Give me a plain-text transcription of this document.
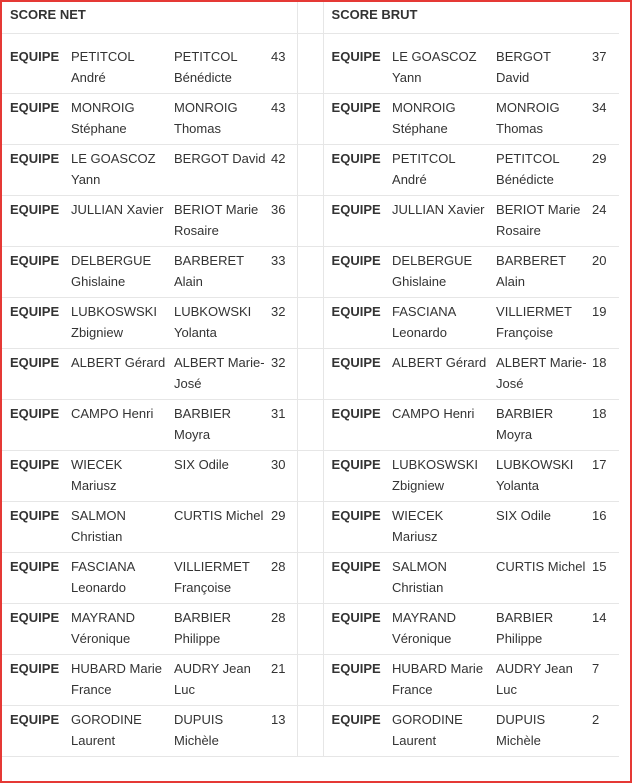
SCORE NET					SCORE BRUT			

EQUIPE	PETITCOL André	PETITCOL Bénédicte	43		EQUIPE	LE GOASCOZ Yann	BERGOT David	37
EQUIPE	MONROIG Stéphane	MONROIG Thomas	43		EQUIPE	MONROIG Stéphane	MONROIG Thomas	34
EQUIPE	LE GOASCOZ Yann	BERGOT David	42		EQUIPE	PETITCOL André	PETITCOL Bénédicte	29
EQUIPE	JULLIAN Xavier	BERIOT Marie Rosaire	36		EQUIPE	JULLIAN Xavier	BERIOT Marie Rosaire	24
EQUIPE	DELBERGUE Ghislaine	BARBERET Alain	33		EQUIPE	DELBERGUE Ghislaine	BARBERET Alain	20
EQUIPE	LUBKOSWSKI Zbigniew	LUBKOWSKI Yolanta	32		EQUIPE	FASCIANA Leonardo	VILLIERMET Françoise	19
EQUIPE	ALBERT Gérard	ALBERT Marie-José	32		EQUIPE	ALBERT Gérard	ALBERT Marie-José	18
EQUIPE	CAMPO Henri	BARBIER Moyra	31		EQUIPE	CAMPO Henri	BARBIER Moyra	18
EQUIPE	WIECEK Mariusz	SIX Odile	30		EQUIPE	LUBKOSWSKI Zbigniew	LUBKOWSKI Yolanta	17
EQUIPE	SALMON Christian	CURTIS Michel	29		EQUIPE	WIECEK Mariusz	SIX Odile	16
EQUIPE	FASCIANA Leonardo	VILLIERMET Françoise	28		EQUIPE	SALMON Christian	CURTIS Michel	15
EQUIPE	MAYRAND Véronique	BARBIER Philippe	28		EQUIPE	MAYRAND Véronique	BARBIER Philippe	14
EQUIPE	HUBARD Marie France	AUDRY Jean Luc	21		EQUIPE	HUBARD Marie France	AUDRY Jean Luc	7
EQUIPE	GORODINE Laurent	DUPUIS Michèle	13		EQUIPE	GORODINE Laurent	DUPUIS Michèle	2
